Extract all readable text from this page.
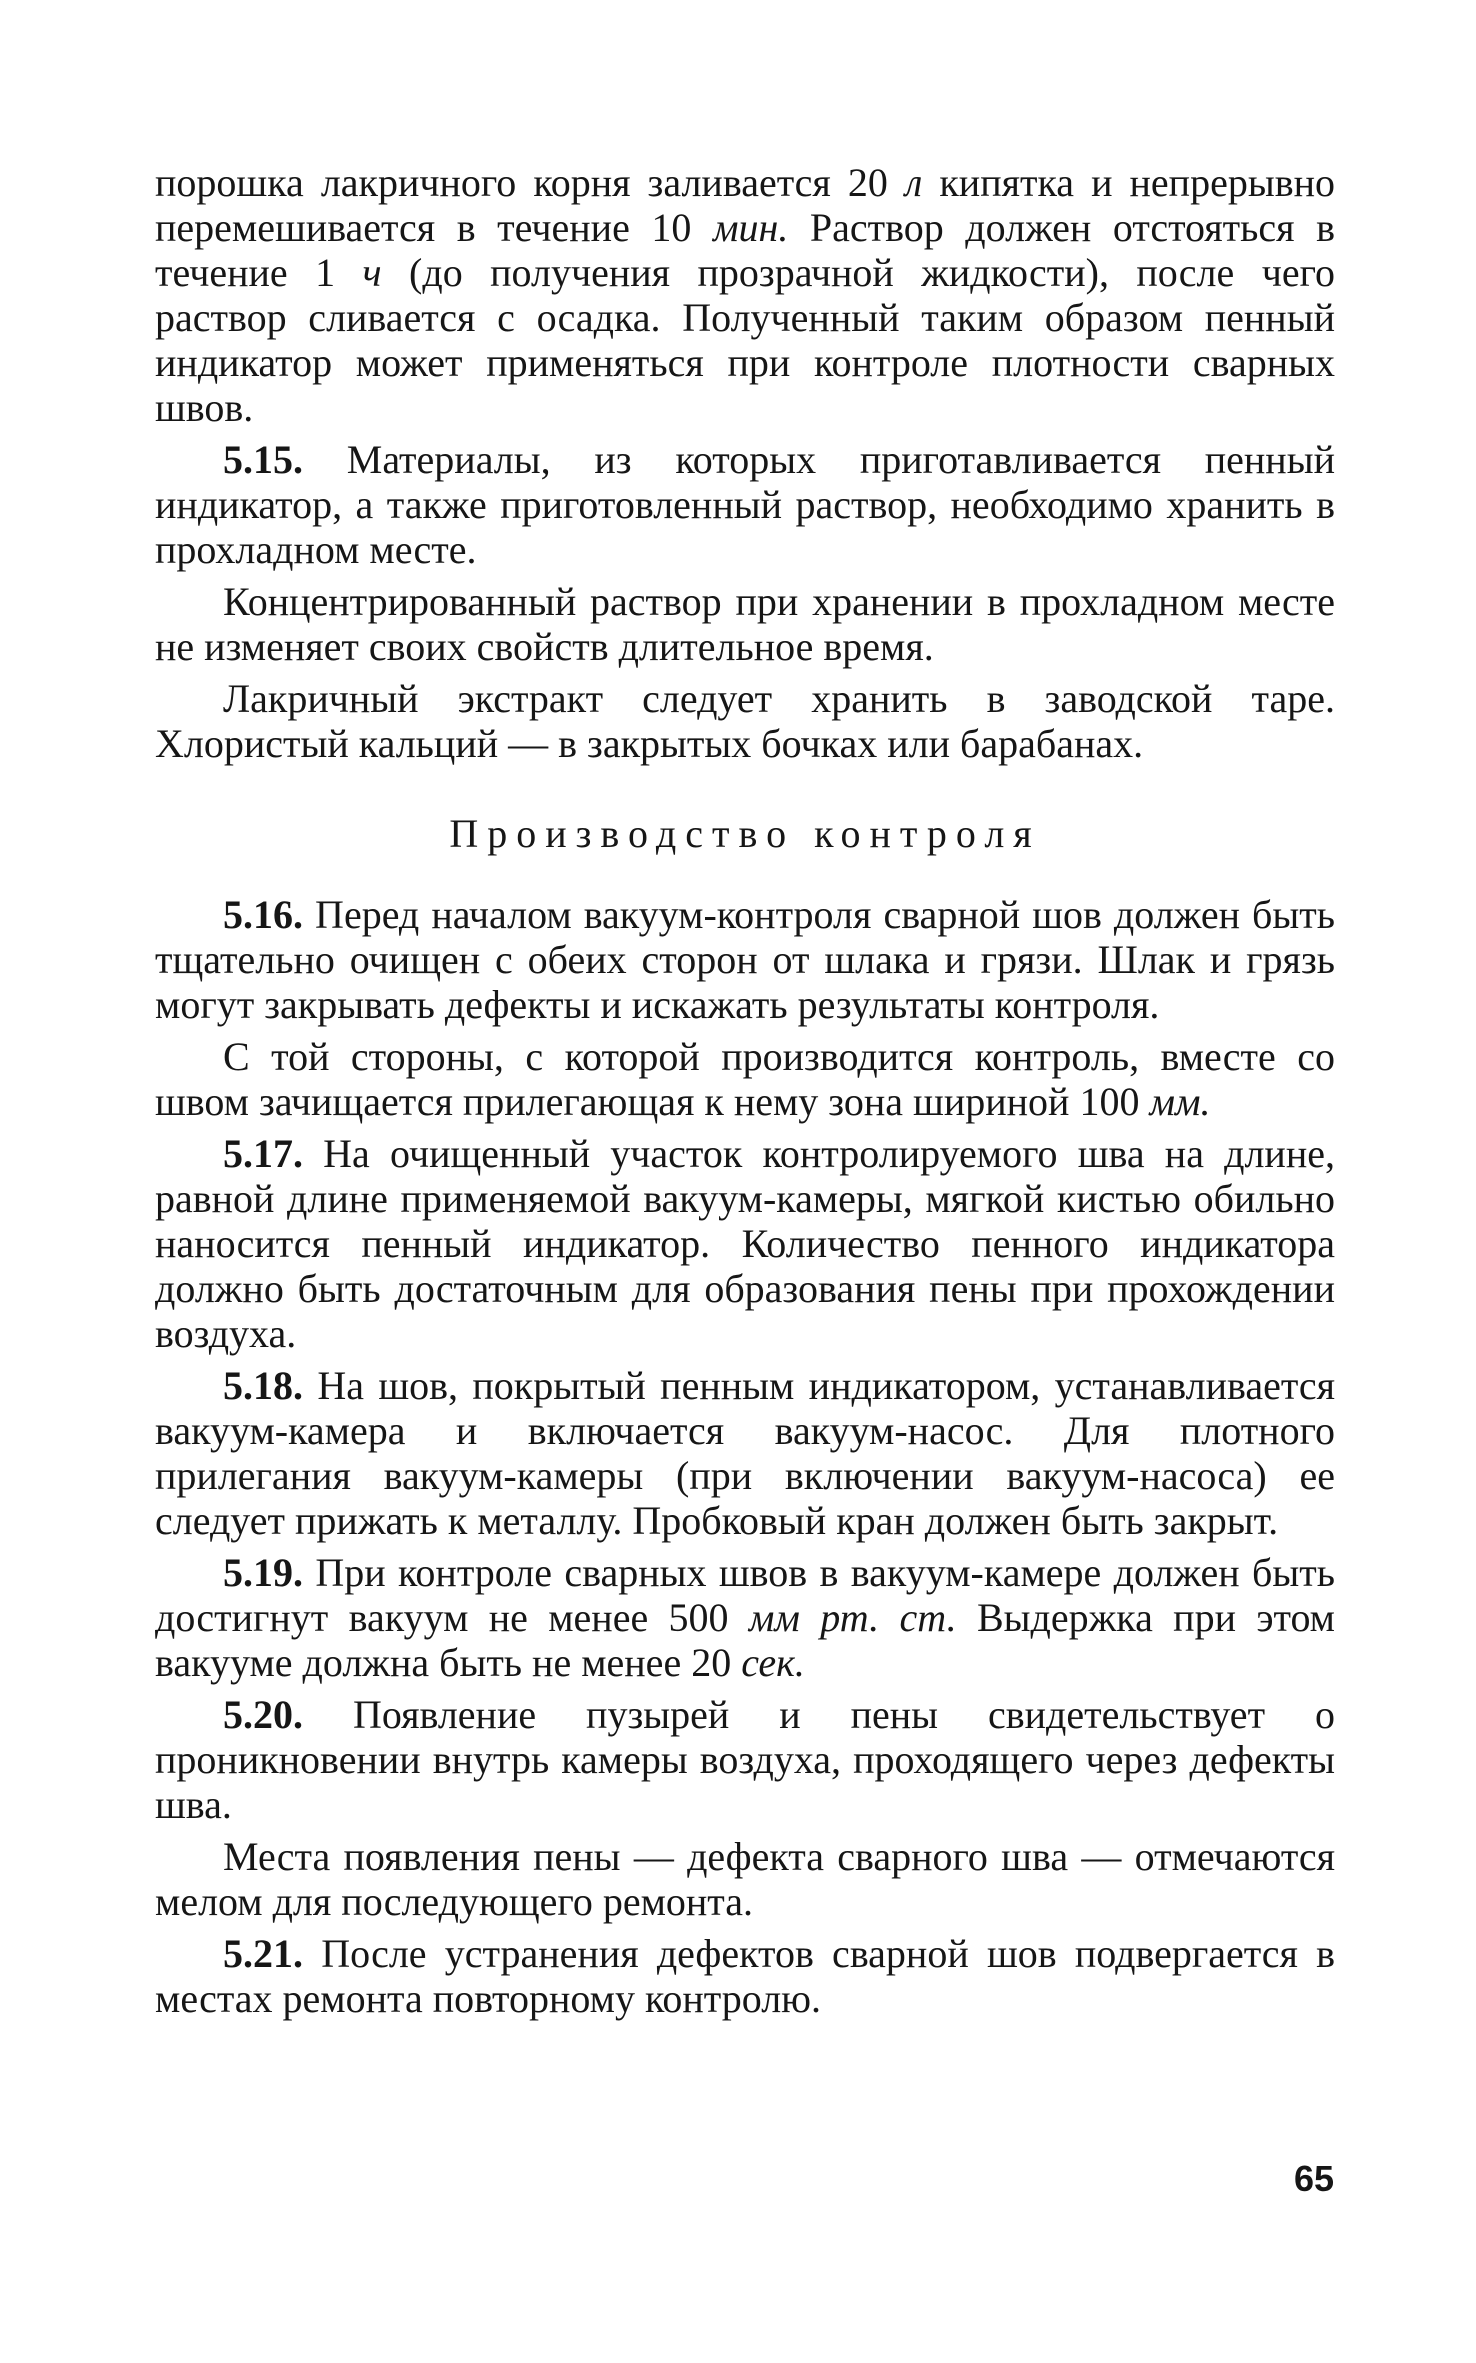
порошка лакричного корня заливается 20 л кипятка и непрерывно перемешивается в течение 10 мин. Раствор должен отстояться в течение 1 ч (до получения прозрачной жидкости), после чего раствор сливается с осадка. Полученный таким образом пенный индикатор может применяться при контроле плотности сварных швов.

5.15. Материалы, из которых приготавливается пенный индикатор, а также приготовленный раствор, необходимо хранить в прохладном месте.

Концентрированный раствор при хранении в прохладном месте не изменяет своих свойств длительное время.

Лакричный экстракт следует хранить в заводской таре. Хлористый кальций — в закрытых бочках или барабанах.

Производство контроля

5.16. Перед началом вакуум-контроля сварной шов должен быть тщательно очищен с обеих сторон от шлака и грязи. Шлак и грязь могут закрывать дефекты и искажать результаты контроля.

С той стороны, с которой производится контроль, вместе со швом зачищается прилегающая к нему зона шириной 100 мм.

5.17. На очищенный участок контролируемого шва на длине, равной длине применяемой вакуум-камеры, мягкой кистью обильно наносится пенный индикатор. Количество пенного индикатора должно быть достаточным для образования пены при прохождении воздуха.

5.18. На шов, покрытый пенным индикатором, устанавливается вакуум-камера и включается вакуум-насос. Для плотного прилегания вакуум-камеры (при включении вакуум-насоса) ее следует прижать к металлу. Пробковый кран должен быть закрыт.

5.19. При контроле сварных швов в вакуум-камере должен быть достигнут вакуум не менее 500 мм рт. ст. Выдержка при этом вакууме должна быть не менее 20 сек.

5.20. Появление пузырей и пены свидетельствует о проникновении внутрь камеры воздуха, проходящего через дефекты шва.

Места появления пены — дефекта сварного шва — отмечаются мелом для последующего ремонта.

5.21. После устранения дефектов сварной шов подвергается в местах ремонта повторному контролю.

65
